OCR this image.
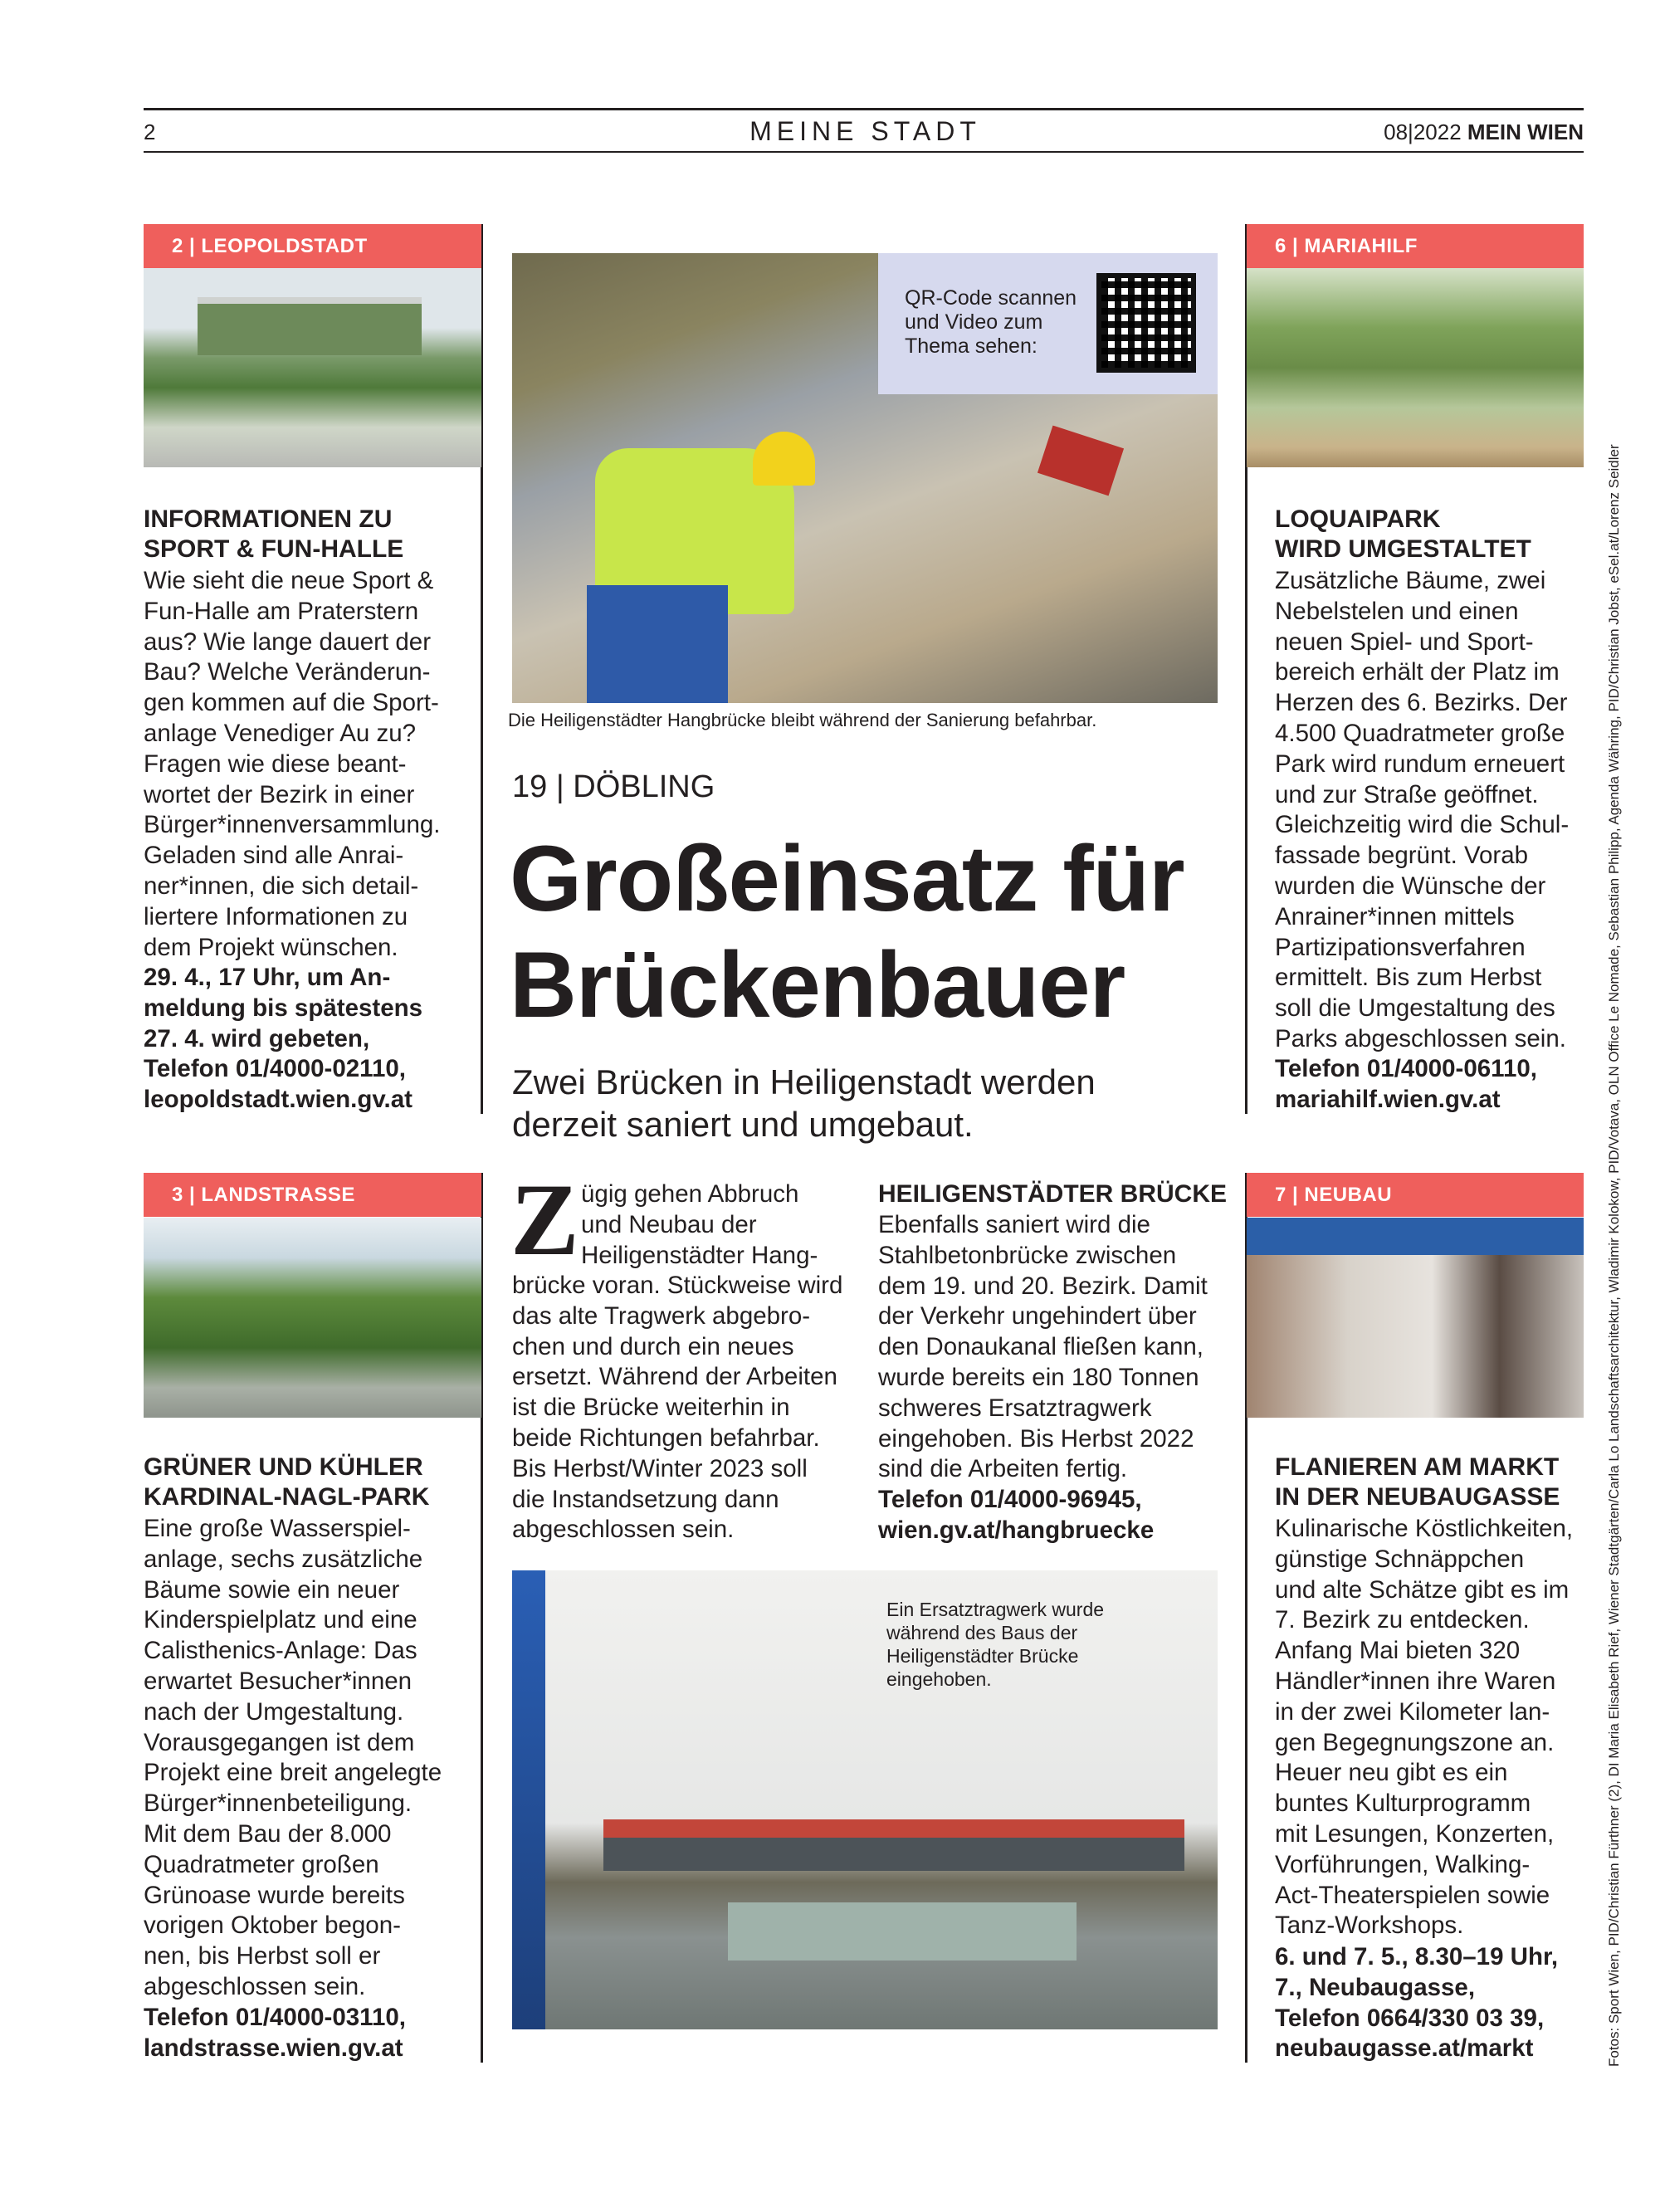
2	MEINE STADT	08|2022 MEIN WIEN
2 | LEOPOLDSTADT
INFORMATIONEN ZU
SPORT & FUN-HALLE
Wie sieht die neue Sport &
Fun-Halle am Praterstern
aus? Wie lange dauert der
Bau? Welche Veränderun-
gen kommen auf die Sport-
anlage Venediger Au zu?
Fragen wie diese beant-
wortet der Bezirk in einer
Bürger*innenversammlung.
Geladen sind alle Anrai-
ner*innen, die sich detail-
liertere Informationen zu
dem Projekt wünschen.
29. 4., 17 Uhr, um An-
meldung bis spätestens
27. 4. wird gebeten,
Telefon 01/4000-02110,
leopoldstadt.wien.gv.at
3 | LANDSTRASSE
GRÜNER UND KÜHLER
KARDINAL-NAGL-PARK
Eine große Wasserspiel-
anlage, sechs zusätzliche
Bäume sowie ein neuer
Kinderspielplatz und eine
Calisthenics-Anlage: Das
erwartet Besucher*innen
nach der Umgestaltung.
Vorausgegangen ist dem
Projekt eine breit angelegte
Bürger*innenbeteiligung.
Mit dem Bau der 8.000
Quadratmeter großen
Grünoase wurde bereits
vorigen Oktober begon-
nen, bis Herbst soll er
abgeschlossen sein.
Telefon 01/4000-03110,
landstrasse.wien.gv.at
6 | MARIAHILF
LOQUAIPARK
WIRD UMGESTALTET
Zusätzliche Bäume, zwei
Nebelstelen und einen
neuen Spiel- und Sport-
bereich erhält der Platz im
Herzen des 6. Bezirks. Der
4.500 Quadratmeter große
Park wird rundum erneuert
und zur Straße geöffnet.
Gleichzeitig wird die Schul-
fassade begrünt. Vorab
wurden die Wünsche der
Anrainer*innen mittels
Partizipationsverfahren
ermittelt. Bis zum Herbst
soll die Umgestaltung des
Parks abgeschlossen sein.
Telefon 01/4000-06110,
mariahilf.wien.gv.at
7 | NEUBAU
FLANIEREN AM MARKT
IN DER NEUBAUGASSE
Kulinarische Köstlichkeiten,
günstige Schnäppchen
und alte Schätze gibt es im
7. Bezirk zu entdecken.
Anfang Mai bieten 320
Händler*innen ihre Waren
in der zwei Kilometer lan-
gen Begegnungszone an.
Heuer neu gibt es ein
buntes Kulturprogramm
mit Lesungen, Konzerten,
Vorführungen, Walking-
Act-Theaterspielen sowie
Tanz-Workshops.
6. und 7. 5., 8.30–19 Uhr,
7., Neubaugasse,
Telefon 0664/330 03 39,
neubaugasse.at/markt
QR-Code scannen
und Video zum
Thema sehen:
Die Heiligenstädter Hangbrücke bleibt während der Sanierung befahrbar.
19 | DÖBLING
Großeinsatz für
Brückenbauer
Zwei Brücken in Heiligenstadt werden
derzeit saniert und umgebaut.
Z ügig gehen Abbruch
und Neubau der
Heiligenstädter Hang-
brücke voran. Stückweise wird
das alte Tragwerk abgebro-
chen und durch ein neues
ersetzt. Während der Arbeiten
ist die Brücke weiterhin in
beide Richtungen befahrbar.
Bis Herbst/Winter 2023 soll
die Instandsetzung dann
abgeschlossen sein.
HEILIGENSTÄDTER BRÜCKE
Ebenfalls saniert wird die
Stahlbetonbrücke zwischen
dem 19. und 20. Bezirk. Damit
der Verkehr ungehindert über
den Donaukanal fließen kann,
wurde bereits ein 180 Tonnen
schweres Ersatztragwerk
eingehoben. Bis Herbst 2022
sind die Arbeiten fertig.
Telefon 01/4000-96945,
wien.gv.at/hangbruecke
Ein Ersatztragwerk wurde
während des Baus der
Heiligenstädter Brücke
eingehoben.	Fotos: Sport Wien, PID/Christian Fürthner (2), DI Maria Elisabeth Rief, Wiener Stadtgärten/Carla Lo Landschaftsarchitektur, Wladimir Kolokow, PID/Votava, OLN Office Le Nomade, Sebastian Philipp, Agenda Währing, PID/Christian Jobst, eSel.at/Lorenz Seidler
